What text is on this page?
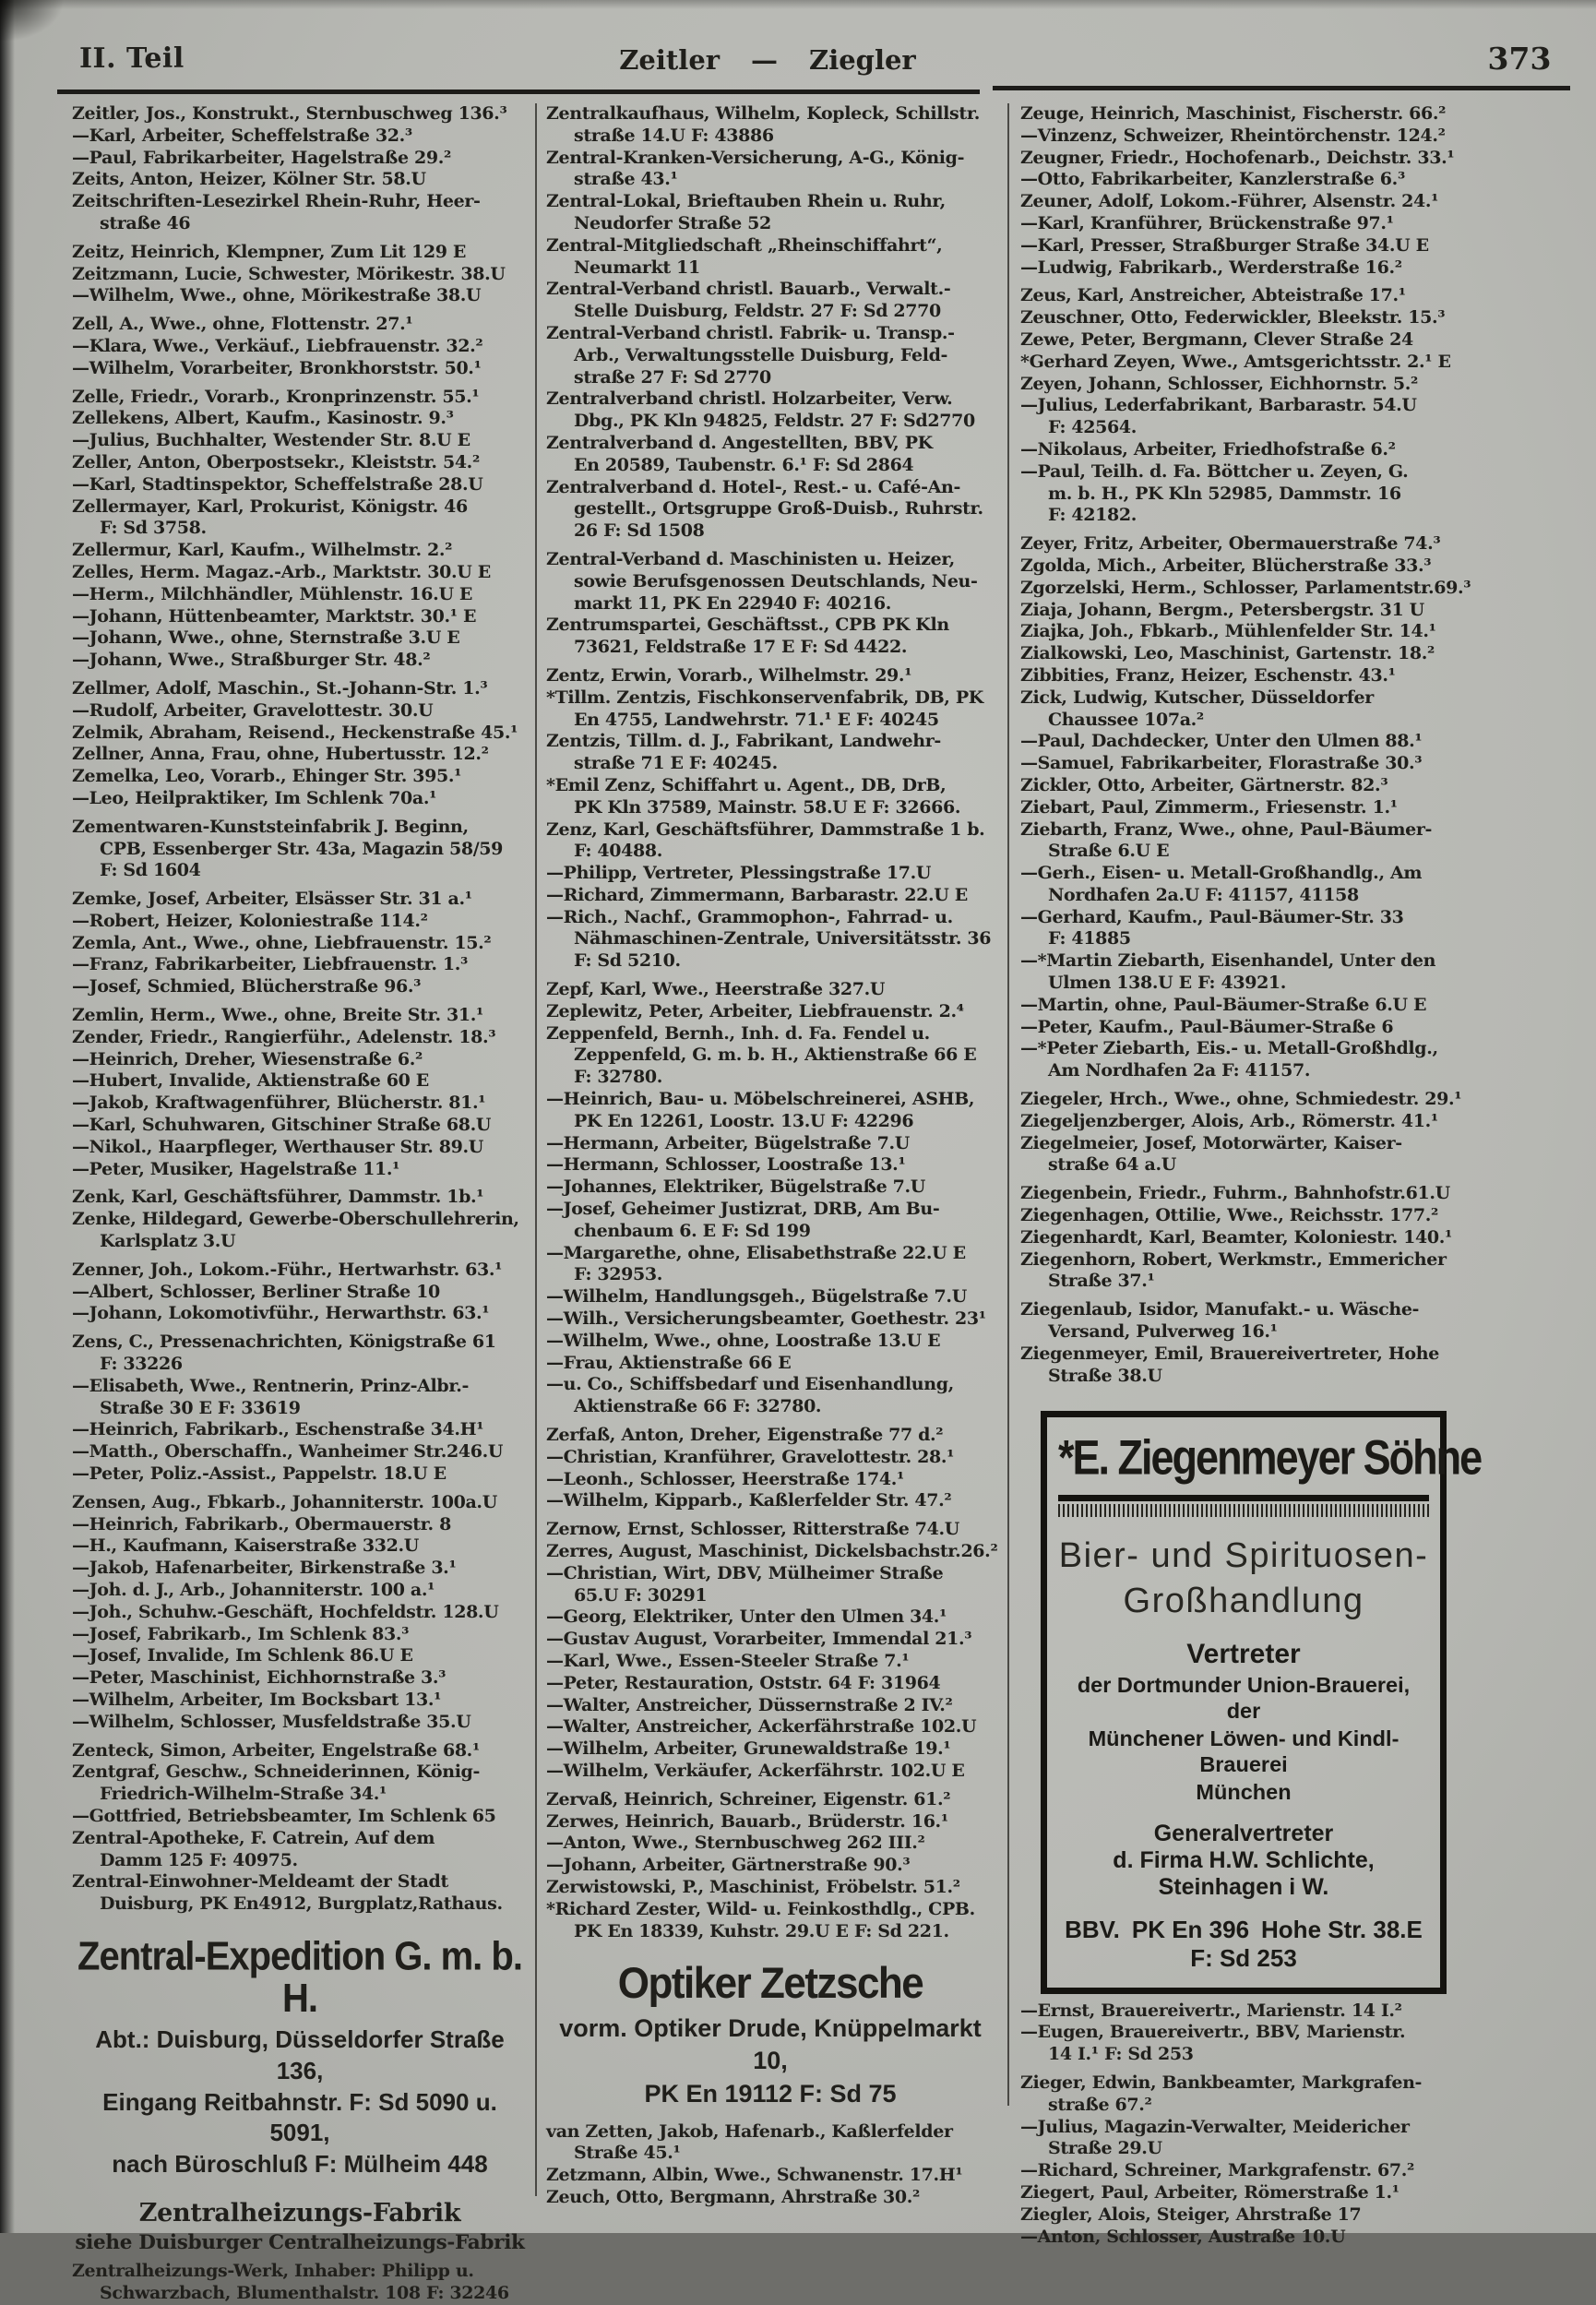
II. Teil	Zeitler — Ziegler	373
Zeitler, Jos., Konstrukt., Sternbuschweg 136.³
—Karl, Arbeiter, Scheffelstraße 32.³
—Paul, Fabrikarbeiter, Hagelstraße 29.²
Zeits, Anton, Heizer, Kölner Str. 58.U
Zeitschriften-Lesezirkel Rhein-Ruhr, Heer-
straße 46
Zeitz, Heinrich, Klempner, Zum Lit 129 E
Zeitzmann, Lucie, Schwester, Mörikestr. 38.U
—Wilhelm, Wwe., ohne, Mörikestraße 38.U
Zell, A., Wwe., ohne, Flottenstr. 27.¹
—Klara, Wwe., Verkäuf., Liebfrauenstr. 32.²
—Wilhelm, Vorarbeiter, Bronkhorststr. 50.¹
Zelle, Friedr., Vorarb., Kronprinzenstr. 55.¹
Zellekens, Albert, Kaufm., Kasinostr. 9.³
—Julius, Buchhalter, Westender Str. 8.U E
Zeller, Anton, Oberpostsekr., Kleiststr. 54.²
—Karl, Stadtinspektor, Scheffelstraße 28.U
Zellermayer, Karl, Prokurist, Königstr. 46
F: Sd 3758.
Zellermur, Karl, Kaufm., Wilhelmstr. 2.²
Zelles, Herm. Magaz.-Arb., Marktstr. 30.U E
—Herm., Milchhändler, Mühlenstr. 16.U E
—Johann, Hüttenbeamter, Marktstr. 30.¹ E
—Johann, Wwe., ohne, Sternstraße 3.U E
—Johann, Wwe., Straßburger Str. 48.²
Zellmer, Adolf, Maschin., St.-Johann-Str. 1.³
—Rudolf, Arbeiter, Gravelottestr. 30.U
Zelmik, Abraham, Reisend., Heckenstraße 45.¹
Zellner, Anna, Frau, ohne, Hubertusstr. 12.²
Zemelka, Leo, Vorarb., Ehinger Str. 395.¹
—Leo, Heilpraktiker, Im Schlenk 70a.¹
Zementwaren-Kunststeinfabrik J. Beginn,
CPB, Essenberger Str. 43a, Magazin 58/59
F: Sd 1604
Zemke, Josef, Arbeiter, Elsässer Str. 31 a.¹
—Robert, Heizer, Koloniestraße 114.²
Zemla, Ant., Wwe., ohne, Liebfrauenstr. 15.²
—Franz, Fabrikarbeiter, Liebfrauenstr. 1.³
—Josef, Schmied, Blücherstraße 96.³
Zemlin, Herm., Wwe., ohne, Breite Str. 31.¹
Zender, Friedr., Rangierführ., Adelenstr. 18.³
—Heinrich, Dreher, Wiesenstraße 6.²
—Hubert, Invalide, Aktienstraße 60 E
—Jakob, Kraftwagenführer, Blücherstr. 81.¹
—Karl, Schuhwaren, Gitschiner Straße 68.U
—Nikol., Haarpfleger, Werthauser Str. 89.U
—Peter, Musiker, Hagelstraße 11.¹
Zenk, Karl, Geschäftsführer, Dammstr. 1b.¹
Zenke, Hildegard, Gewerbe-Oberschullehrerin,
Karlsplatz 3.U
Zenner, Joh., Lokom.-Führ., Hertwarhstr. 63.¹
—Albert, Schlosser, Berliner Straße 10
—Johann, Lokomotivführ., Herwarthstr. 63.¹
Zens, C., Pressenachrichten, Königstraße 61
F: 33226
—Elisabeth, Wwe., Rentnerin, Prinz-Albr.-
Straße 30 E F: 33619
—Heinrich, Fabrikarb., Eschenstraße 34.H¹
—Matth., Oberschaffn., Wanheimer Str.246.U
—Peter, Poliz.-Assist., Pappelstr. 18.U E
Zensen, Aug., Fbkarb., Johanniterstr. 100a.U
—Heinrich, Fabrikarb., Obermauerstr. 8
—H., Kaufmann, Kaiserstraße 332.U
—Jakob, Hafenarbeiter, Birkenstraße 3.¹
—Joh. d. J., Arb., Johanniterstr. 100 a.¹
—Joh., Schuhw.-Geschäft, Hochfeldstr. 128.U
—Josef, Fabrikarb., Im Schlenk 83.³
—Josef, Invalide, Im Schlenk 86.U E
—Peter, Maschinist, Eichhornstraße 3.³
—Wilhelm, Arbeiter, Im Bocksbart 13.¹
—Wilhelm, Schlosser, Musfeldstraße 35.U
Zenteck, Simon, Arbeiter, Engelstraße 68.¹
Zentgraf, Geschw., Schneiderinnen, König-
Friedrich-Wilhelm-Straße 34.¹
—Gottfried, Betriebsbeamter, Im Schlenk 65
Zentral-Apotheke, F. Catrein, Auf dem
Damm 125 F: 40975.
Zentral-Einwohner-Meldeamt der Stadt
Duisburg, PK En4912, Burgplatz,Rathaus.
Zentral-Expedition G. m. b. H.
Abt.: Duisburg, Düsseldorfer Straße 136,
Eingang Reitbahnstr. F: Sd 5090 u. 5091,
nach Büroschluß F: Mülheim 448
Zentralheizungs-Fabrik
siehe Duisburger Centralheizungs-Fabrik
Zentralheizungs-Werk, Inhaber: Philipp u.
Schwarzbach, Blumenthalstr. 108 F: 32246
Zentralkaufhaus, Wilhelm, Kopleck, Schillstr.
straße 14.U F: 43886
Zentral-Kranken-Versicherung, A-G., König-
straße 43.¹
Zentral-Lokal, Brieftauben Rhein u. Ruhr,
Neudorfer Straße 52
Zentral-Mitgliedschaft „Rheinschiffahrt“,
Neumarkt 11
Zentral-Verband christl. Bauarb., Verwalt.-
Stelle Duisburg, Feldstr. 27 F: Sd 2770
Zentral-Verband christl. Fabrik- u. Transp.-
Arb., Verwaltungsstelle Duisburg, Feld-
straße 27 F: Sd 2770
Zentralverband christl. Holzarbeiter, Verw.
Dbg., PK Kln 94825, Feldstr. 27 F: Sd2770
Zentralverband d. Angestellten, BBV, PK
En 20589, Taubenstr. 6.¹ F: Sd 2864
Zentralverband d. Hotel-, Rest.- u. Café-An-
gestellt., Ortsgruppe Groß-Duisb., Ruhrstr.
26 F: Sd 1508
Zentral-Verband d. Maschinisten u. Heizer,
sowie Berufsgenossen Deutschlands, Neu-
markt 11, PK En 22940 F: 40216.
Zentrumspartei, Geschäftsst., CPB PK Kln
73621, Feldstraße 17 E F: Sd 4422.
Zentz, Erwin, Vorarb., Wilhelmstr. 29.¹
*Tillm. Zentzis, Fischkonservenfabrik, DB, PK
En 4755, Landwehrstr. 71.¹ E F: 40245
Zentzis, Tillm. d. J., Fabrikant, Landwehr-
straße 71 E F: 40245.
*Emil Zenz, Schiffahrt u. Agent., DB, DrB,
PK Kln 37589, Mainstr. 58.U E F: 32666.
Zenz, Karl, Geschäftsführer, Dammstraße 1 b.
F: 40488.
—Philipp, Vertreter, Plessingstraße 17.U
—Richard, Zimmermann, Barbarastr. 22.U E
—Rich., Nachf., Grammophon-, Fahrrad- u.
Nähmaschinen-Zentrale, Universitätsstr. 36
F: Sd 5210.
Zepf, Karl, Wwe., Heerstraße 327.U
Zeplewitz, Peter, Arbeiter, Liebfrauenstr. 2.⁴
Zeppenfeld, Bernh., Inh. d. Fa. Fendel u.
Zeppenfeld, G. m. b. H., Aktienstraße 66 E
F: 32780.
—Heinrich, Bau- u. Möbelschreinerei, ASHB,
PK En 12261, Loostr. 13.U F: 42296
—Hermann, Arbeiter, Bügelstraße 7.U
—Hermann, Schlosser, Loostraße 13.¹
—Johannes, Elektriker, Bügelstraße 7.U
—Josef, Geheimer Justizrat, DRB, Am Bu-
chenbaum 6. E F: Sd 199
—Margarethe, ohne, Elisabethstraße 22.U E
F: 32953.
—Wilhelm, Handlungsgeh., Bügelstraße 7.U
—Wilh., Versicherungsbeamter, Goethestr. 23¹
—Wilhelm, Wwe., ohne, Loostraße 13.U E
—Frau, Aktienstraße 66 E
—u. Co., Schiffsbedarf und Eisenhandlung,
Aktienstraße 66 F: 32780.
Zerfaß, Anton, Dreher, Eigenstraße 77 d.²
—Christian, Kranführer, Gravelottestr. 28.¹
—Leonh., Schlosser, Heerstraße 174.¹
—Wilhelm, Kipparb., Kaßlerfelder Str. 47.²
Zernow, Ernst, Schlosser, Ritterstraße 74.U
Zerres, August, Maschinist, Dickelsbachstr.26.²
—Christian, Wirt, DBV, Mülheimer Straße
65.U F: 30291
—Georg, Elektriker, Unter den Ulmen 34.¹
—Gustav August, Vorarbeiter, Immendal 21.³
—Karl, Wwe., Essen-Steeler Straße 7.¹
—Peter, Restauration, Oststr. 64 F: 31964
—Walter, Anstreicher, Düssernstraße 2 IV.²
—Walter, Anstreicher, Ackerfährstraße 102.U
—Wilhelm, Arbeiter, Grunewaldstraße 19.¹
—Wilhelm, Verkäufer, Ackerfährstr. 102.U E
Zervaß, Heinrich, Schreiner, Eigenstr. 61.²
Zerwes, Heinrich, Bauarb., Brüderstr. 16.¹
—Anton, Wwe., Sternbuschweg 262 III.²
—Johann, Arbeiter, Gärtnerstraße 90.³
Zerwistowski, P., Maschinist, Fröbelstr. 51.²
*Richard Zester, Wild- u. Feinkosthdlg., CPB.
PK En 18339, Kuhstr. 29.U E F: Sd 221.
Optiker Zetzsche
vorm. Optiker Drude, Knüppelmarkt 10,
PK En 19112 F: Sd 75
van Zetten, Jakob, Hafenarb., Kaßlerfelder
Straße 45.¹
Zetzmann, Albin, Wwe., Schwanenstr. 17.H¹
Zeuch, Otto, Bergmann, Ahrstraße 30.²
Zeuge, Heinrich, Maschinist, Fischerstr. 66.²
—Vinzenz, Schweizer, Rheintörchenstr. 124.²
Zeugner, Friedr., Hochofenarb., Deichstr. 33.¹
—Otto, Fabrikarbeiter, Kanzlerstraße 6.³
Zeuner, Adolf, Lokom.-Führer, Alsenstr. 24.¹
—Karl, Kranführer, Brückenstraße 97.¹
—Karl, Presser, Straßburger Straße 34.U E
—Ludwig, Fabrikarb., Werderstraße 16.²
Zeus, Karl, Anstreicher, Abteistraße 17.¹
Zeuschner, Otto, Federwickler, Bleekstr. 15.³
Zewe, Peter, Bergmann, Clever Straße 24
*Gerhard Zeyen, Wwe., Amtsgerichtsstr. 2.¹ E
Zeyen, Johann, Schlosser, Eichhornstr. 5.²
—Julius, Lederfabrikant, Barbarastr. 54.U
F: 42564.
—Nikolaus, Arbeiter, Friedhofstraße 6.²
—Paul, Teilh. d. Fa. Böttcher u. Zeyen, G.
m. b. H., PK Kln 52985, Dammstr. 16
F: 42182.
Zeyer, Fritz, Arbeiter, Obermauerstraße 74.³
Zgolda, Mich., Arbeiter, Blücherstraße 33.³
Zgorzelski, Herm., Schlosser, Parlamentstr.69.³
Ziaja, Johann, Bergm., Petersbergstr. 31 U
Ziajka, Joh., Fbkarb., Mühlenfelder Str. 14.¹
Zialkowski, Leo, Maschinist, Gartenstr. 18.²
Zibbities, Franz, Heizer, Eschenstr. 43.¹
Zick, Ludwig, Kutscher, Düsseldorfer
Chaussee 107a.²
—Paul, Dachdecker, Unter den Ulmen 88.¹
—Samuel, Fabrikarbeiter, Florastraße 30.³
Zickler, Otto, Arbeiter, Gärtnerstr. 82.³
Ziebart, Paul, Zimmerm., Friesenstr. 1.¹
Ziebarth, Franz, Wwe., ohne, Paul-Bäumer-
Straße 6.U E
—Gerh., Eisen- u. Metall-Großhandlg., Am
Nordhafen 2a.U F: 41157, 41158
—Gerhard, Kaufm., Paul-Bäumer-Str. 33
F: 41885
—*Martin Ziebarth, Eisenhandel, Unter den
Ulmen 138.U E F: 43921.
—Martin, ohne, Paul-Bäumer-Straße 6.U E
—Peter, Kaufm., Paul-Bäumer-Straße 6
—*Peter Ziebarth, Eis.- u. Metall-Großhdlg.,
Am Nordhafen 2a F: 41157.
Ziegeler, Hrch., Wwe., ohne, Schmiedestr. 29.¹
Ziegeljenzberger, Alois, Arb., Römerstr. 41.¹
Ziegelmeier, Josef, Motorwärter, Kaiser-
straße 64 a.U
Ziegenbein, Friedr., Fuhrm., Bahnhofstr.61.U
Ziegenhagen, Ottilie, Wwe., Reichsstr. 177.²
Ziegenhardt, Karl, Beamter, Koloniestr. 140.¹
Ziegenhorn, Robert, Werkmstr., Emmericher
Straße 37.¹
Ziegenlaub, Isidor, Manufakt.- u. Wäsche-
Versand, Pulverweg 16.¹
Ziegenmeyer, Emil, Brauereivertreter, Hohe
Straße 38.U
*E. Ziegenmeyer Söhne
Bier- und Spirituosen-
Großhandlung
Vertreter
der Dortmunder Union-Brauerei, der
Münchener Löwen- und Kindl-Brauerei
München
Generalvertreter
d. Firma H.W. Schlichte, Steinhagen i W.
BBV. PK En 396 Hohe Str. 38.E
F: Sd 253
—Ernst, Brauereivertr., Marienstr. 14 I.²
—Eugen, Brauereivertr., BBV, Marienstr.
14 I.¹ F: Sd 253
Zieger, Edwin, Bankbeamter, Markgrafen-
straße 67.²
—Julius, Magazin-Verwalter, Meidericher
Straße 29.U
—Richard, Schreiner, Markgrafenstr. 67.²
Ziegert, Paul, Arbeiter, Römerstraße 1.¹
Ziegler, Alois, Steiger, Ahrstraße 17
—Anton, Schlosser, Austraße 10.U
